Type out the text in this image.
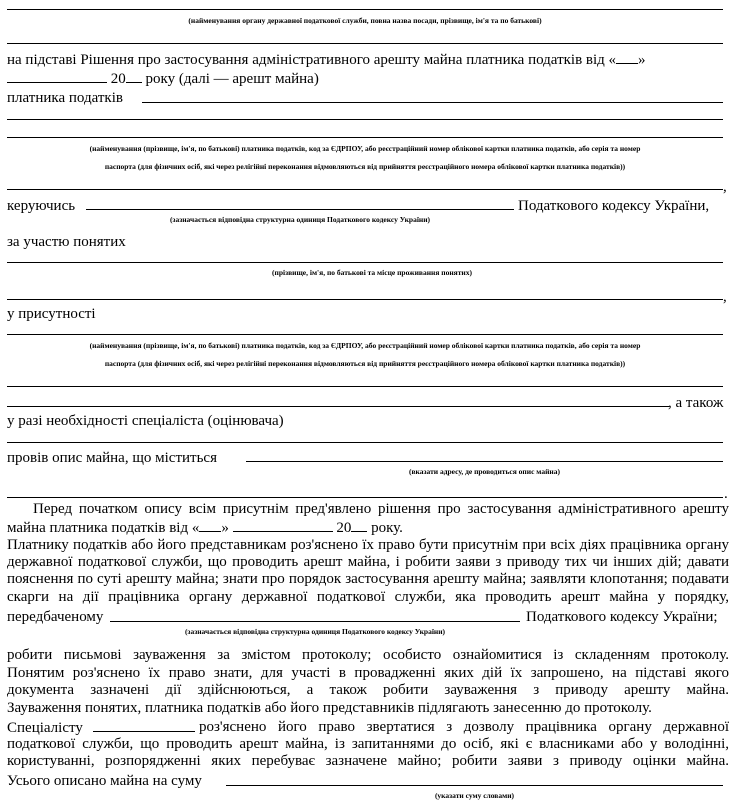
(найменування органу державної податкової служби, повна назва посади, прізвище, ім'я та по батькові)
на підставі Рішення про застосування адміністративного арешту майна платника податків від « »
20 року (далі — арешт майна)
платника податків
(найменування (прізвище, ім'я, по батькові) платника податків, код за ЄДРПОУ, або реєстраційний номер облікової картки платника податків, або серія та номер
паспорта (для фізичних осіб, які через релігійні переконання відмовляються від прийняття реєстраційного номера облікової картки платника податків))
,
керуючись	Податкового кодексу України,
(зазначається відповідна структурна одиниця Податкового кодексу України)
за участю понятих
(прізвище, ім'я, по батькові та місце проживання понятих)
,
у присутності
(найменування (прізвище, ім'я, по батькові) платника податків, код за ЄДРПОУ, або реєстраційний номер облікової картки платника податків, або серія та номер
паспорта (для фізичних осіб, які через релігійні переконання відмовляються від прийняття реєстраційного номера облікової картки платника податків))
, а також
у разі необхідності спеціаліста (оцінювача)
провів опис майна, що міститься
(вказати адресу, де проводиться опис майна)
.
Перед початком опису всім присутнім пред'явлено рішення про застосування адміністративного арешту
майна платника податків від « »	20 року.
Платнику податків або його представникам роз'яснено їх право бути присутнім при всіх діях працівника органу державної податкової служби, що проводить арешт майна, і робити заяви з приводу тих чи інших дій; давати пояснення по суті арешту майна; знати про порядок застосування арешту майна; заявляти клопотання; подавати скарги на дії працівника органу державної податкової служби, яка проводить арешт майна у порядку,
передбаченому	Податкового кодексу України;
(зазначається відповідна структурна одиниця Податкового кодексу України)
робити письмові зауваження за змістом протоколу; особисто ознайомитися із складенням протоколу.
Понятим роз'яснено їх право знати, для участі в провадженні яких дій їх запрошено, на підставі якого документа зазначені дії здійснюються, а також робити зауваження з приводу арешту майна.
Зауваження понятих, платника податків або його представників підлягають занесенню до протоколу.
Спеціалісту	роз'яснено його право звертатися з дозволу працівника органу державної податкової служби, що проводить арешт майна, із запитаннями до осіб, які є власниками або у володінні, користуванні, розпорядженні яких перебуває зазначене майно; робити заяви з приводу оцінки майна.
Усього описано майна на суму
(указати суму словами)
